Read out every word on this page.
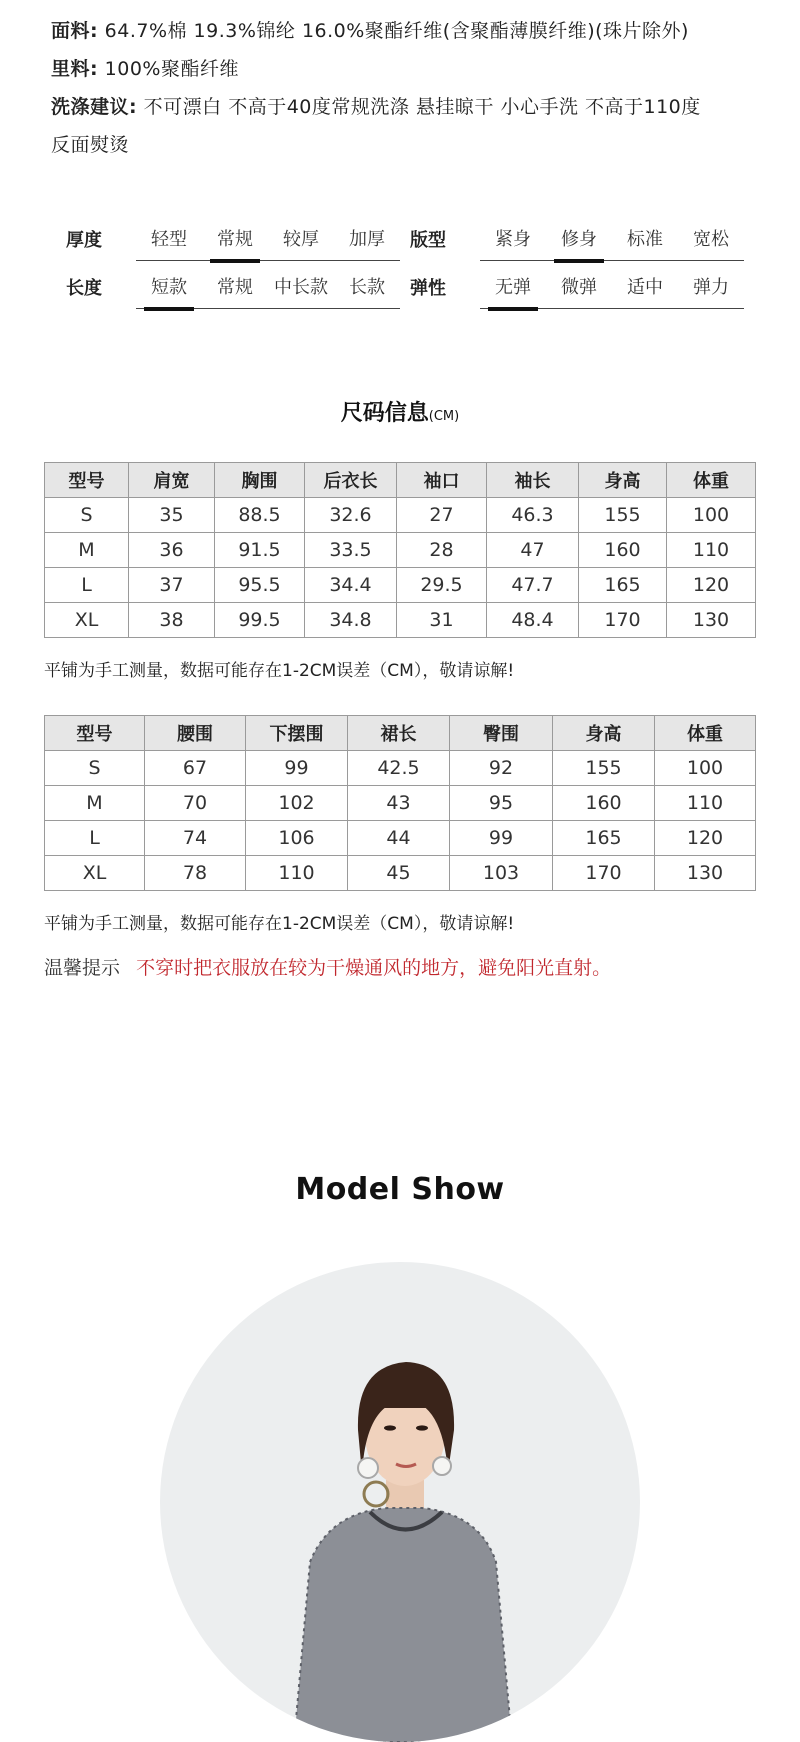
面料: 64.7%棉 19.3%锦纶 16.0%聚酯纤维(含聚酯薄膜纤维)(珠片除外)
里料: 100%聚酯纤维
洗涤建议: 不可漂白 不高于40度常规洗涤 悬挂晾干 小心手洗 不高于110度
反面熨烫
厚度	轻型	常规	较厚	加厚	版型	紧身	修身	标准	宽松
长度	短款	常规	中长款	长款	弹性	无弹	微弹	适中	弹力
尺码信息(CM)
型号	肩宽	胸围	后衣长	袖口	袖长	身高	体重
S	35	88.5	32.6	27	46.3	155	100
M	36	91.5	33.5	28	47	160	110
L	37	95.5	34.4	29.5	47.7	165	120
XL	38	99.5	34.8	31	48.4	170	130
平铺为手工测量，数据可能存在1-2CM误差（CM），敬请谅解!
型号	腰围	下摆围	裙长	臀围	身高	体重
S	67	99	42.5	92	155	100
M	70	102	43	95	160	110
L	74	106	44	99	165	120
XL	78	110	45	103	170	130
平铺为手工测量，数据可能存在1-2CM误差（CM），敬请谅解!
温馨提示 不穿时把衣服放在较为干燥通风的地方，避免阳光直射。
Model Show
